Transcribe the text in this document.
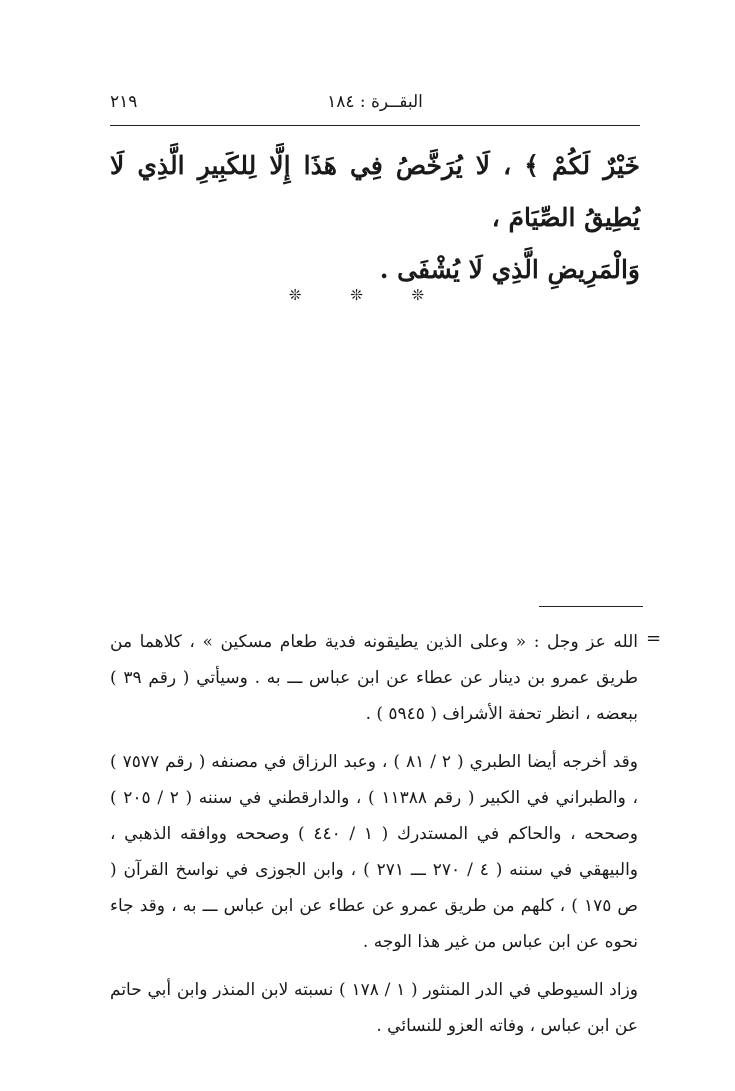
البقــرة : ١٨٤
٢١٩

خَيْرٌ لَكُمْ ﴾ ، لَا يُرَخَّصُ فِي هَذَا إِلَّا لِلكَبِيرِ الَّذِي لَا يُطِيقُ الصِّيَامَ ،

وَالْمَرِيضِ الَّذِي لَا يُشْفَى .

❊ ❊ ❊
=

الله عز وجل : « وعلى الذين يطيقونه فدية طعام مسكين » ، كلاهما من طريق عمرو بن دينار عن عطاء عن ابن عباس ـــ به . وسيأتي ( رقم ٣٩ ) ببعضه ، انظر تحفة الأشراف ( ٥٩٤٥ ) .

وقد أخرجه أيضا الطبري ( ٢ / ٨١ ) ، وعبد الرزاق في مصنفه ( رقم ٧٥٧٧ ) ، والطبراني في الكبير ( رقم ١١٣٨٨ ) ، والدارقطني في سننه ( ٢ / ٢٠٥ ) وصححه ، والحاكم في المستدرك ( ١ / ٤٤٠ ) وصححه ووافقه الذهبي ، والبيهقي في سننه ( ٤ / ٢٧٠ ـــ ٢٧١ ) ، وابن الجوزى في نواسخ القرآن ( ص ١٧٥ ) ، كلهم من طريق عمرو عن عطاء عن ابن عباس ـــ به ، وقد جاء نحوه عن ابن عباس من غير هذا الوجه .

وزاد السيوطي في الدر المنثور ( ١ / ١٧٨ ) نسبته لابن المنذر وابن أبي حاتم عن ابن عباس ، وفاته العزو للنسائي .
